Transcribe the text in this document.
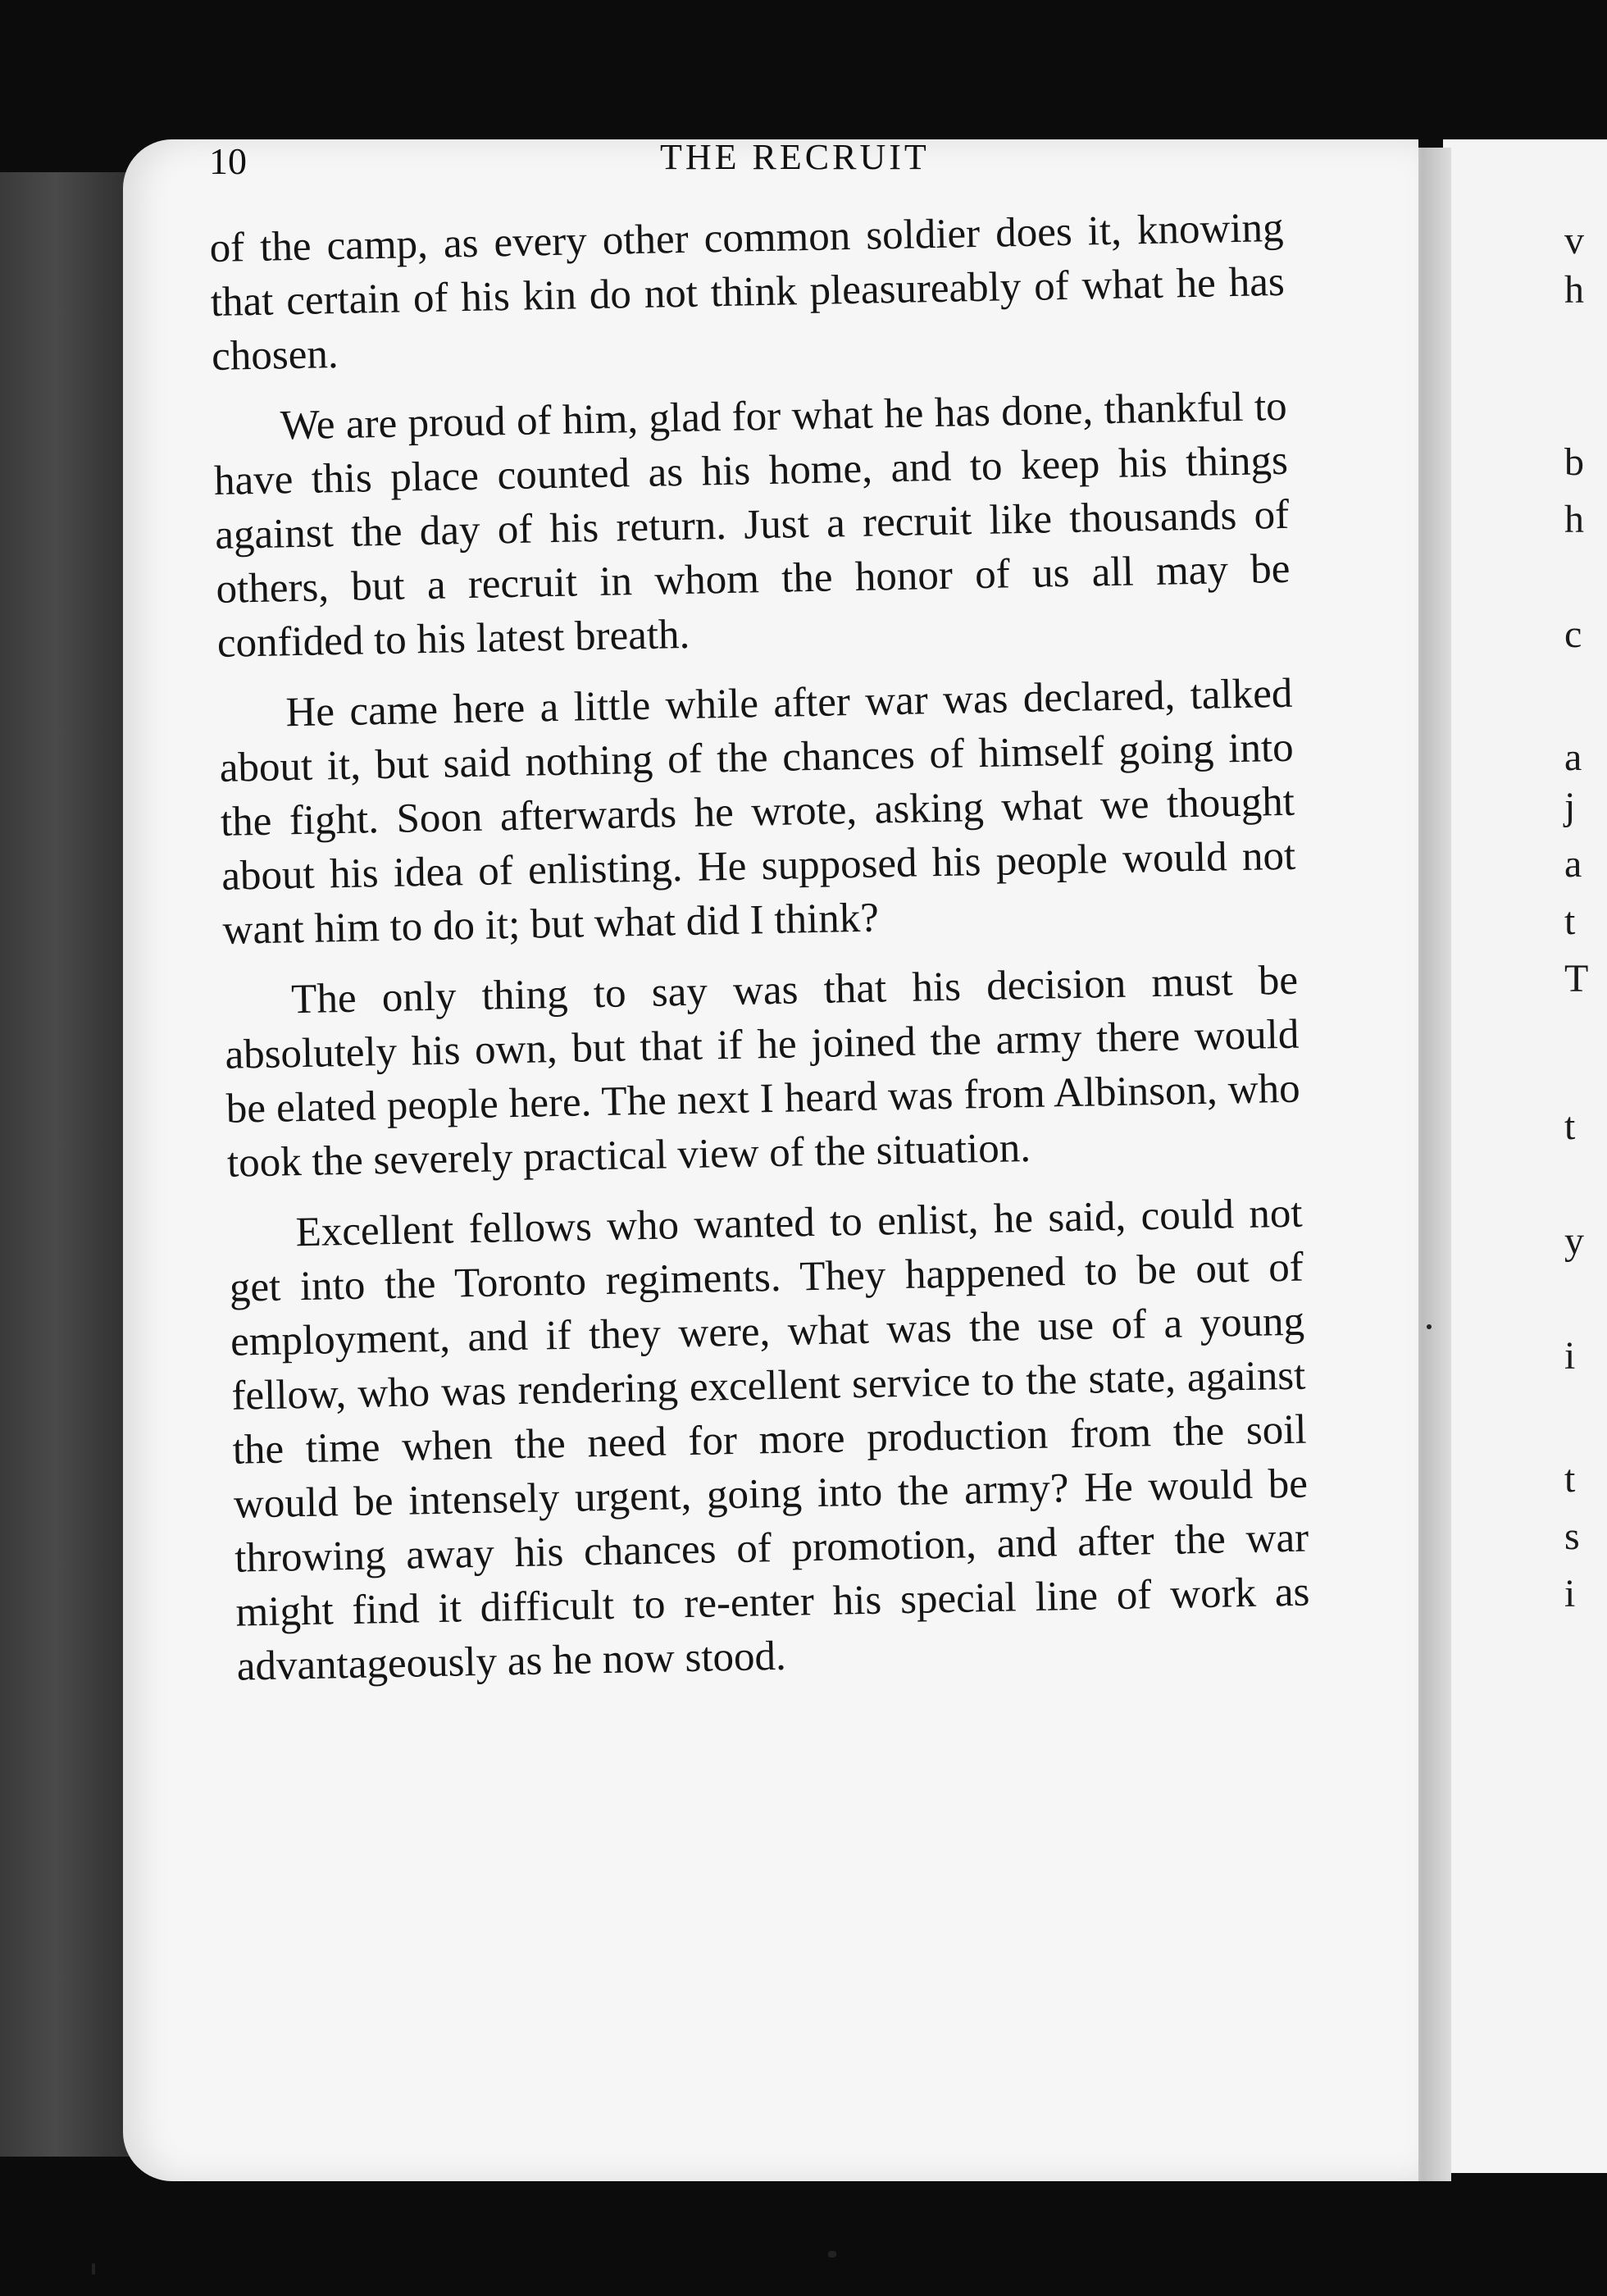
v
h
b
h
c
a
j
a
t
T
t
y
i
t
s
i
10	THE RECRUIT

of the camp, as every other common soldier does it, knowing that certain of his kin do not think pleasureably of what he has chosen.

We are proud of him, glad for what he has done, thankful to have this place counted as his home, and to keep his things against the day of his return. Just a recruit like thousands of others, but a recruit in whom the honor of us all may be confided to his latest breath.

He came here a little while after war was declared, talked about it, but said nothing of the chances of himself going into the fight. Soon afterwards he wrote, asking what we thought about his idea of enlisting. He supposed his people would not want him to do it; but what did I think?

The only thing to say was that his decision must be absolutely his own, but that if he joined the army there would be elated people here. The next I heard was from Albinson, who took the severely practical view of the situation.

Excellent fellows who wanted to enlist, he said, could not get into the Toronto regiments. They happened to be out of employment, and if they were, what was the use of a young fellow, who was rendering excellent service to the state, against the time when the need for more production from the soil would be intensely urgent, going into the army? He would be throwing away his chances of promotion, and after the war might find it difficult to re-enter his special line of work as advantageously as he now stood.
